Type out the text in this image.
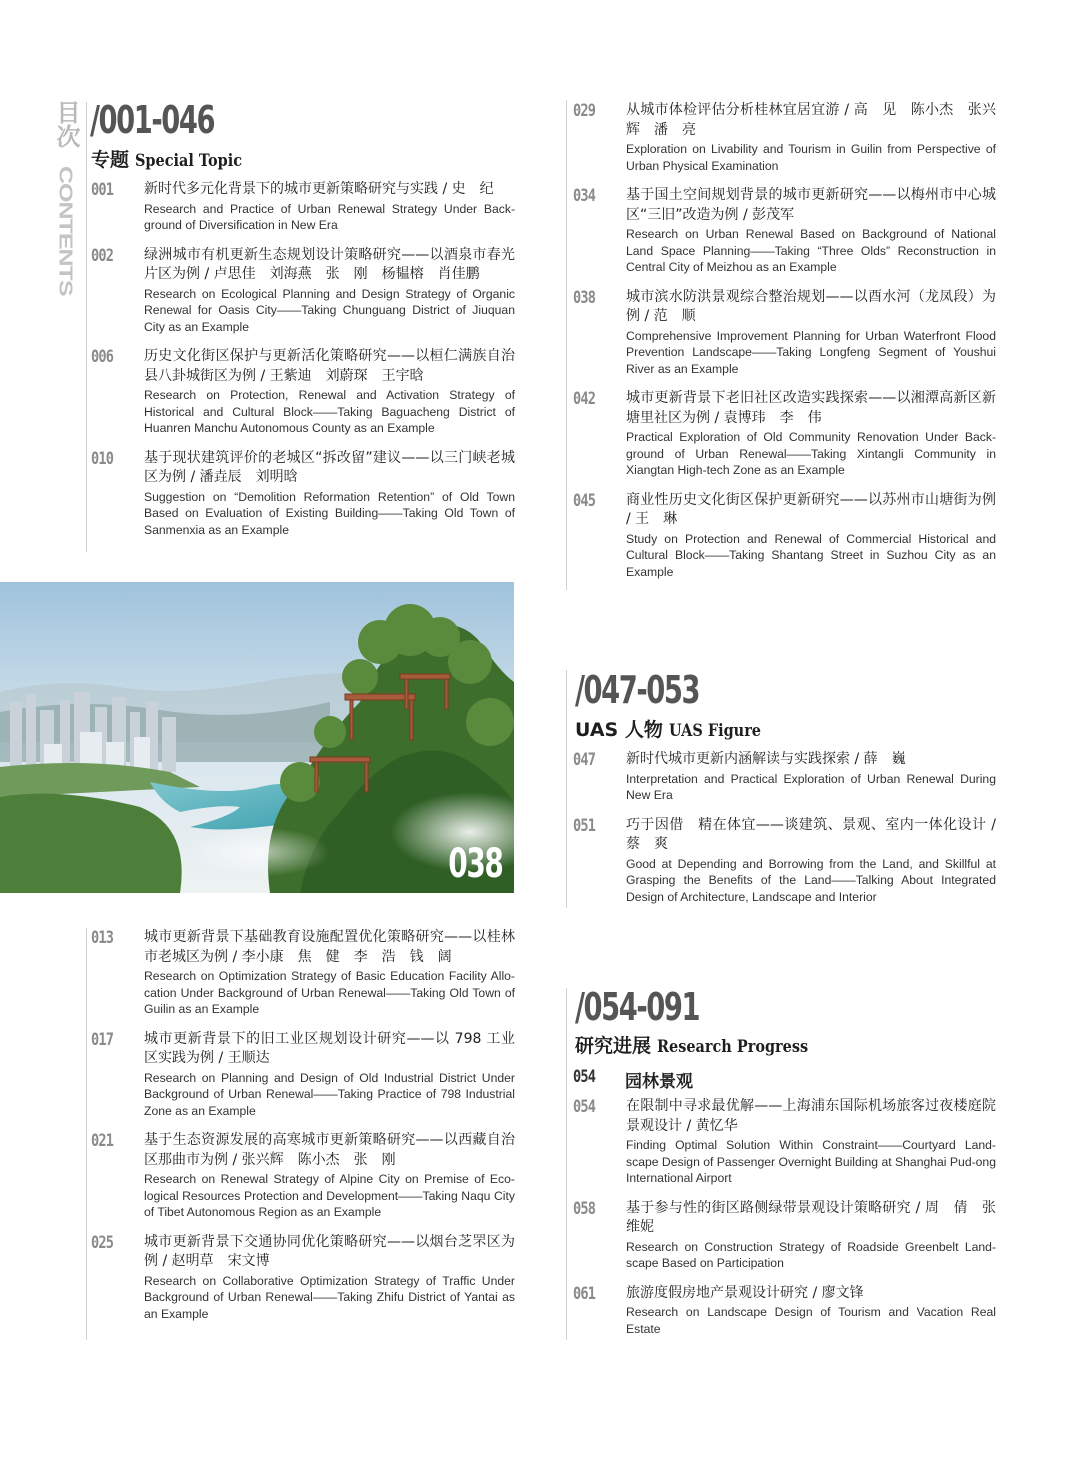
目次
CONTENTS
/001-046
专题 Special Topic
001 新时代多元化背景下的城市更新策略研究与实践 / 史　纪
Research and Practice of Urban Renewal Strategy Under Back-ground of Diversification in New Era
002 绿洲城市有机更新生态规划设计策略研究——以酒泉市春光片区为例 / 卢思佳　刘海燕　张　刚　杨韫榕　肖佳鹏
Research on Ecological Planning and Design Strategy of Organic Renewal for Oasis City——Taking Chunguang District of Jiuquan City as an Example
006 历史文化街区保护与更新活化策略研究——以桓仁满族自治县八卦城街区为例 / 王紫迪　刘蔚琛　王宇晗
Research on Protection, Renewal and Activation Strategy of Historical and Cultural Block——Taking Baguacheng District of Huanren Manchu Autonomous County as an Example
010 基于现状建筑评价的老城区“拆改留”建议——以三门峡老城区为例 / 潘垚辰　刘明晗
Suggestion on “Demolition Reformation Retention” of Old Town Based on Evaluation of Existing Building——Taking Old Town of Sanmenxia as an Example
038
013 城市更新背景下基础教育设施配置优化策略研究——以桂林市老城区为例 / 李小康　焦　健　李　浩　钱　阔
Research on Optimization Strategy of Basic Education Facility Allo-cation Under Background of Urban Renewal——Taking Old Town of Guilin as an Example
017 城市更新背景下的旧工业区规划设计研究——以 798 工业区实践为例 / 王顺达
Research on Planning and Design of Old Industrial District Under Background of Urban Renewal——Taking Practice of 798 Industrial Zone as an Example
021 基于生态资源发展的高寒城市更新策略研究——以西藏自治区那曲市为例 / 张兴辉　陈小杰　张　刚
Research on Renewal Strategy of Alpine City on Premise of Eco-logical Resources Protection and Development——Taking Naqu City of Tibet Autonomous Region as an Example
025 城市更新背景下交通协同优化策略研究——以烟台芝罘区为例 / 赵明草　宋文博
Research on Collaborative Optimization Strategy of Traffic Under Background of Urban Renewal——Taking Zhifu District of Yantai as an Example
029 从城市体检评估分析桂林宜居宜游 / 高　见　陈小杰　张兴辉　潘　亮
Exploration on Livability and Tourism in Guilin from Perspective of Urban Physical Examination
034 基于国土空间规划背景的城市更新研究——以梅州市中心城区“三旧”改造为例 / 彭茂军
Research on Urban Renewal Based on Background of National Land Space Planning——Taking “Three Olds” Reconstruction in Central City of Meizhou as an Example
038 城市滨水防洪景观综合整治规划——以酉水河（龙凤段）为例 / 范　顺
Comprehensive Improvement Planning for Urban Waterfront Flood Prevention Landscape——Taking Longfeng Segment of Youshui River as an Example
042 城市更新背景下老旧社区改造实践探索——以湘潭高新区新塘里社区为例 / 袁博玮　李　伟
Practical Exploration of Old Community Renovation Under Back-ground of Urban Renewal——Taking Xintangli Community in Xiangtan High-tech Zone as an Example
045 商业性历史文化街区保护更新研究——以苏州市山塘街为例 / 王　琳
Study on Protection and Renewal of Commercial Historical and Cultural Block——Taking Shantang Street in Suzhou City as an Example
/047-053
UAS 人物 UAS Figure
047 新时代城市更新内涵解读与实践探索 / 薛　巍
Interpretation and Practical Exploration of Urban Renewal During New Era
051 巧于因借　精在体宜——谈建筑、景观、室内一体化设计 / 蔡　爽
Good at Depending and Borrowing from the Land, and Skillful at Grasping the Benefits of the Land——Talking About Integrated Design of Architecture, Landscape and Interior
/054-091
研究进展 Research Progress
054 园林景观
054 在限制中寻求最优解——上海浦东国际机场旅客过夜楼庭院景观设计 / 黄忆华
Finding Optimal Solution Within Constraint——Courtyard Land-scape Design of Passenger Overnight Building at Shanghai Pud-ong International Airport
058 基于参与性的街区路侧绿带景观设计策略研究 / 周　倩　张维妮
Research on Construction Strategy of Roadside Greenbelt Land-scape Based on Participation
061 旅游度假房地产景观设计研究 / 廖文锋
Research on Landscape Design of Tourism and Vacation Real Estate
